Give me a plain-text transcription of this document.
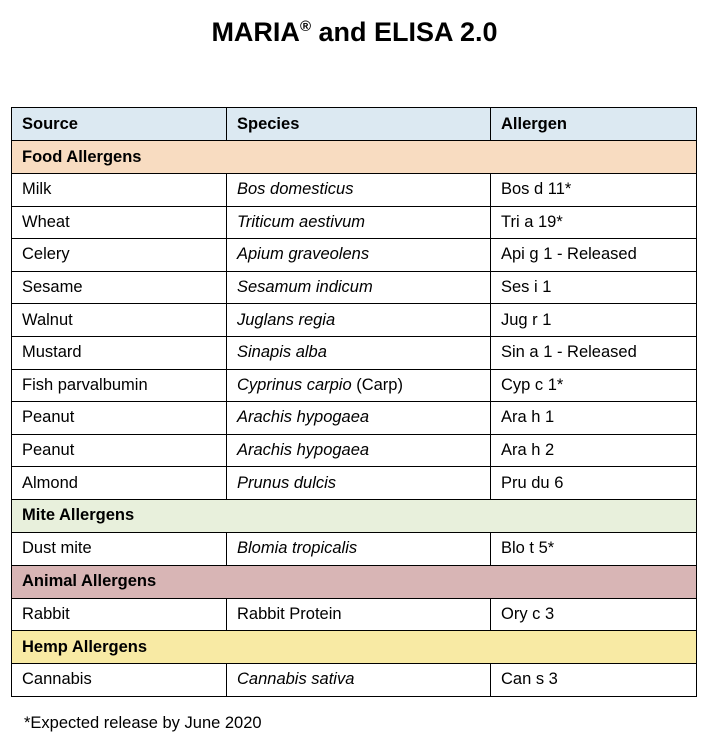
MARIA® and ELISA 2.0
Source	Species	Allergen
Food Allergens		
Milk	Bos domesticus	Bos d 11*
Wheat	Triticum aestivum	Tri a 19*
Celery	Apium graveolens	Api g 1 - Released
Sesame	Sesamum indicum	Ses i 1
Walnut	Juglans regia	Jug r 1
Mustard	Sinapis alba	Sin a 1 - Released
Fish parvalbumin	Cyprinus carpio (Carp)	Cyp c 1*
Peanut	Arachis hypogaea	Ara h 1
Peanut	Arachis hypogaea	Ara h 2
Almond	Prunus dulcis	Pru du 6
Mite Allergens		
Dust mite	Blomia tropicalis	Blo t 5*
Animal Allergens		
Rabbit	Rabbit Protein	Ory c 3
Hemp Allergens		
Cannabis	Cannabis sativa	Can s 3
*Expected release by June 2020
